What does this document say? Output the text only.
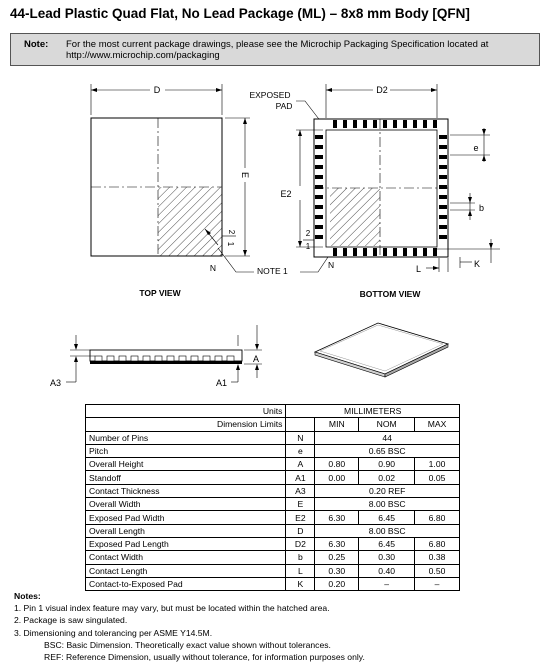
44-Lead Plastic Quad Flat, No Lead Package (ML) – 8x8 mm Body [QFN]
Note: For the most current package drawings, please see the Microchip Packaging Specification located at http://www.microchip.com/packaging
D
E
2
1
N	NOTE 1
TOP VIEW
EXPOSED
PAD
D2
E2
2
1
N
e
b
L	K
BOTTOM VIEW
A3
A
A1
	Units	MILLIMETERS			
Dimension Limits			MIN	NOM	MAX
Number of Pins		N	44		
Pitch		e	0.65 BSC		
Overall Height		A	0.80	0.90	1.00
Standoff		A1	0.00	0.02	0.05
Contact Thickness		A3	0.20 REF		
Overall Width		E	8.00 BSC		
Exposed Pad Width		E2	6.30	6.45	6.80
Overall Length		D	8.00 BSC		
Exposed Pad Length		D2	6.30	6.45	6.80
Contact Width		b	0.25	0.30	0.38
Contact Length		L	0.30	0.40	0.50
Contact-to-Exposed Pad		K	0.20	–	–
Notes:
1. Pin 1 visual index feature may vary, but must be located within the hatched area.
2. Package is saw singulated.
3. Dimensioning and tolerancing per ASME Y14.5M.
BSC: Basic Dimension. Theoretically exact value shown without tolerances.
REF: Reference Dimension, usually without tolerance, for information purposes only.
